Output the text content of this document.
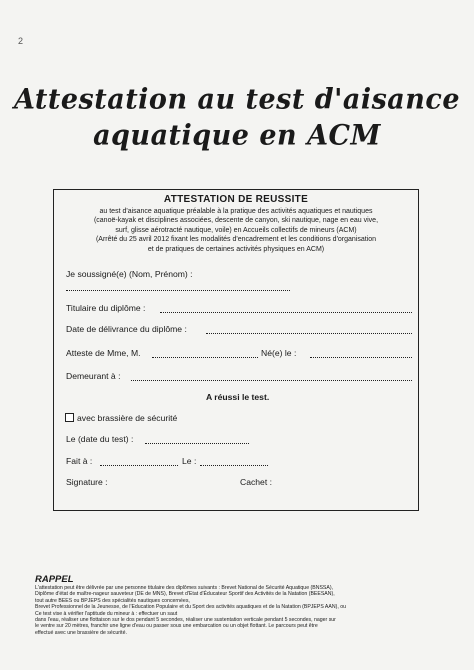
2
Attestation au test d'aisance
aquatique en ACM
ATTESTATION DE REUSSITE
au test d'aisance aquatique préalable à la pratique des activités aquatiques et nautiques
(canoë-kayak et disciplines associées, descente de canyon, ski nautique, nage en eau vive,
surf, glisse aérotracté nautique, voile) en Accueils collectifs de mineurs (ACM)
(Arrêté du 25 avril 2012 fixant les modalités d'encadrement et les conditions d'organisation
et de pratiques de certaines activités physiques en ACM)
Je soussigné(e) (Nom, Prénom) :
Titulaire du diplôme :
Date de délivrance du diplôme :
Atteste de Mme, M.	Né(e) le :
Demeurant à :
A réussi le test.
avec brassière de sécurité
Le (date du test) :
Fait à :	Le :
Signature :	Cachet :
RAPPEL
L'attestation peut être délivrée par une personne titulaire des diplômes suivants : Brevet National de Sécurité Aquatique (BNSSA),
Diplôme d'état de maître-nageur sauveteur (DE de MNS), Brevet d'Etat d'Éducateur Sportif des Activités de la Natation (BEESAN),
tout autre BEES ou BPJEPS des spécialités nautiques concernées,
Brevet Professionnel de la Jeunesse, de l'Education Populaire et du Sport des activités aquatiques et de la Natation (BPJEPS AAN), ou
Ce test vise à vérifier l'aptitude du mineur à : effectuer un saut
dans l'eau, réaliser une flottaison sur le dos pendant 5 secondes, réaliser une sustentation verticale pendant 5 secondes, nager sur
le ventre sur 20 mètres, franchir une ligne d'eau ou passer sous une embarcation ou un objet flottant. Le parcours peut être
effectué avec une brassière de sécurité.
